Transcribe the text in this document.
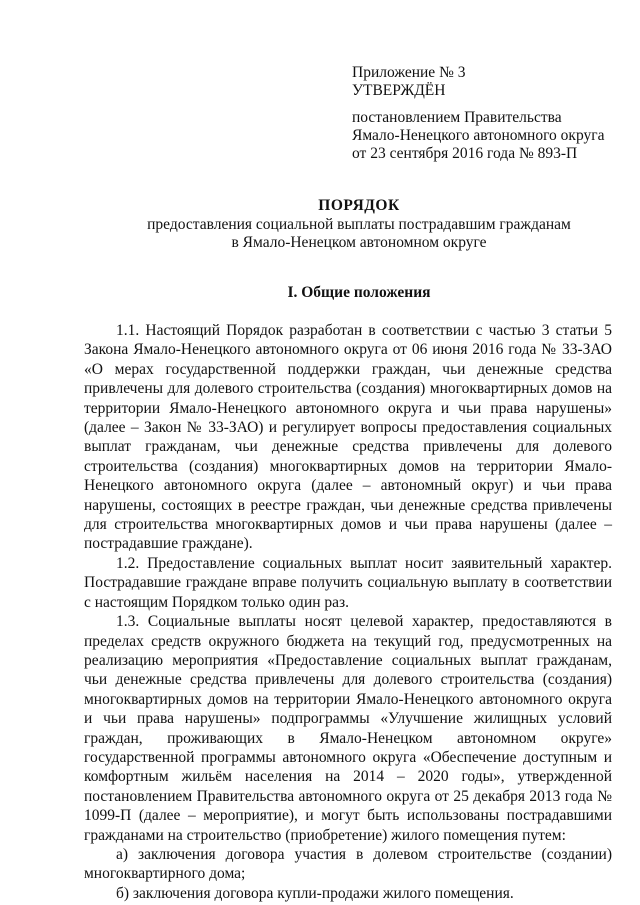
Приложение № 3
УТВЕРЖДЁН
постановлением Правительства
Ямало-Ненецкого автономного округа
от 23 сентября 2016 года № 893-П
ПОРЯДОК
предоставления социальной выплаты пострадавшим гражданам
в Ямало-Ненецком автономном округе
I. Общие положения

1.1. Настоящий Порядок разработан в соответствии с частью 3 статьи 5 Закона Ямало-Ненецкого автономного округа от 06 июня 2016 года № 33-ЗАО «О мерах государственной поддержки граждан, чьи денежные средства привлечены для долевого строительства (создания) многоквартирных домов на территории Ямало-Ненецкого автономного округа и чьи права нарушены» (далее – Закон № 33-ЗАО) и регулирует вопросы предоставления социальных выплат гражданам, чьи денежные средства привлечены для долевого строительства (создания) многоквартирных домов на территории Ямало-Ненецкого автономного округа (далее – автономный округ) и чьи права нарушены, состоящих в реестре граждан, чьи денежные средства привлечены для строительства многоквартирных домов и чьи права нарушены (далее – пострадавшие граждане).

1.2. Предоставление социальных выплат носит заявительный характер. Пострадавшие граждане вправе получить социальную выплату в соответствии с настоящим Порядком только один раз.

1.3. Социальные выплаты носят целевой характер, предоставляются в пределах средств окружного бюджета на текущий год, предусмотренных на реализацию мероприятия «Предоставление социальных выплат гражданам, чьи денежные средства привлечены для долевого строительства (создания) многоквартирных домов на территории Ямало-Ненецкого автономного округа и чьи права нарушены» подпрограммы «Улучшение жилищных условий граждан, проживающих в Ямало-Ненецком автономном округе» государственной программы автономного округа «Обеспечение доступным и комфортным жильём населения на 2014 – 2020 годы», утвержденной постановлением Правительства автономного округа от 25 декабря 2013 года № 1099-П (далее – мероприятие), и могут быть использованы пострадавшими гражданами на строительство (приобретение) жилого помещения путем:

а) заключения договора участия в долевом строительстве (создании) многоквартирного дома;

б) заключения договора купли-продажи жилого помещения.
